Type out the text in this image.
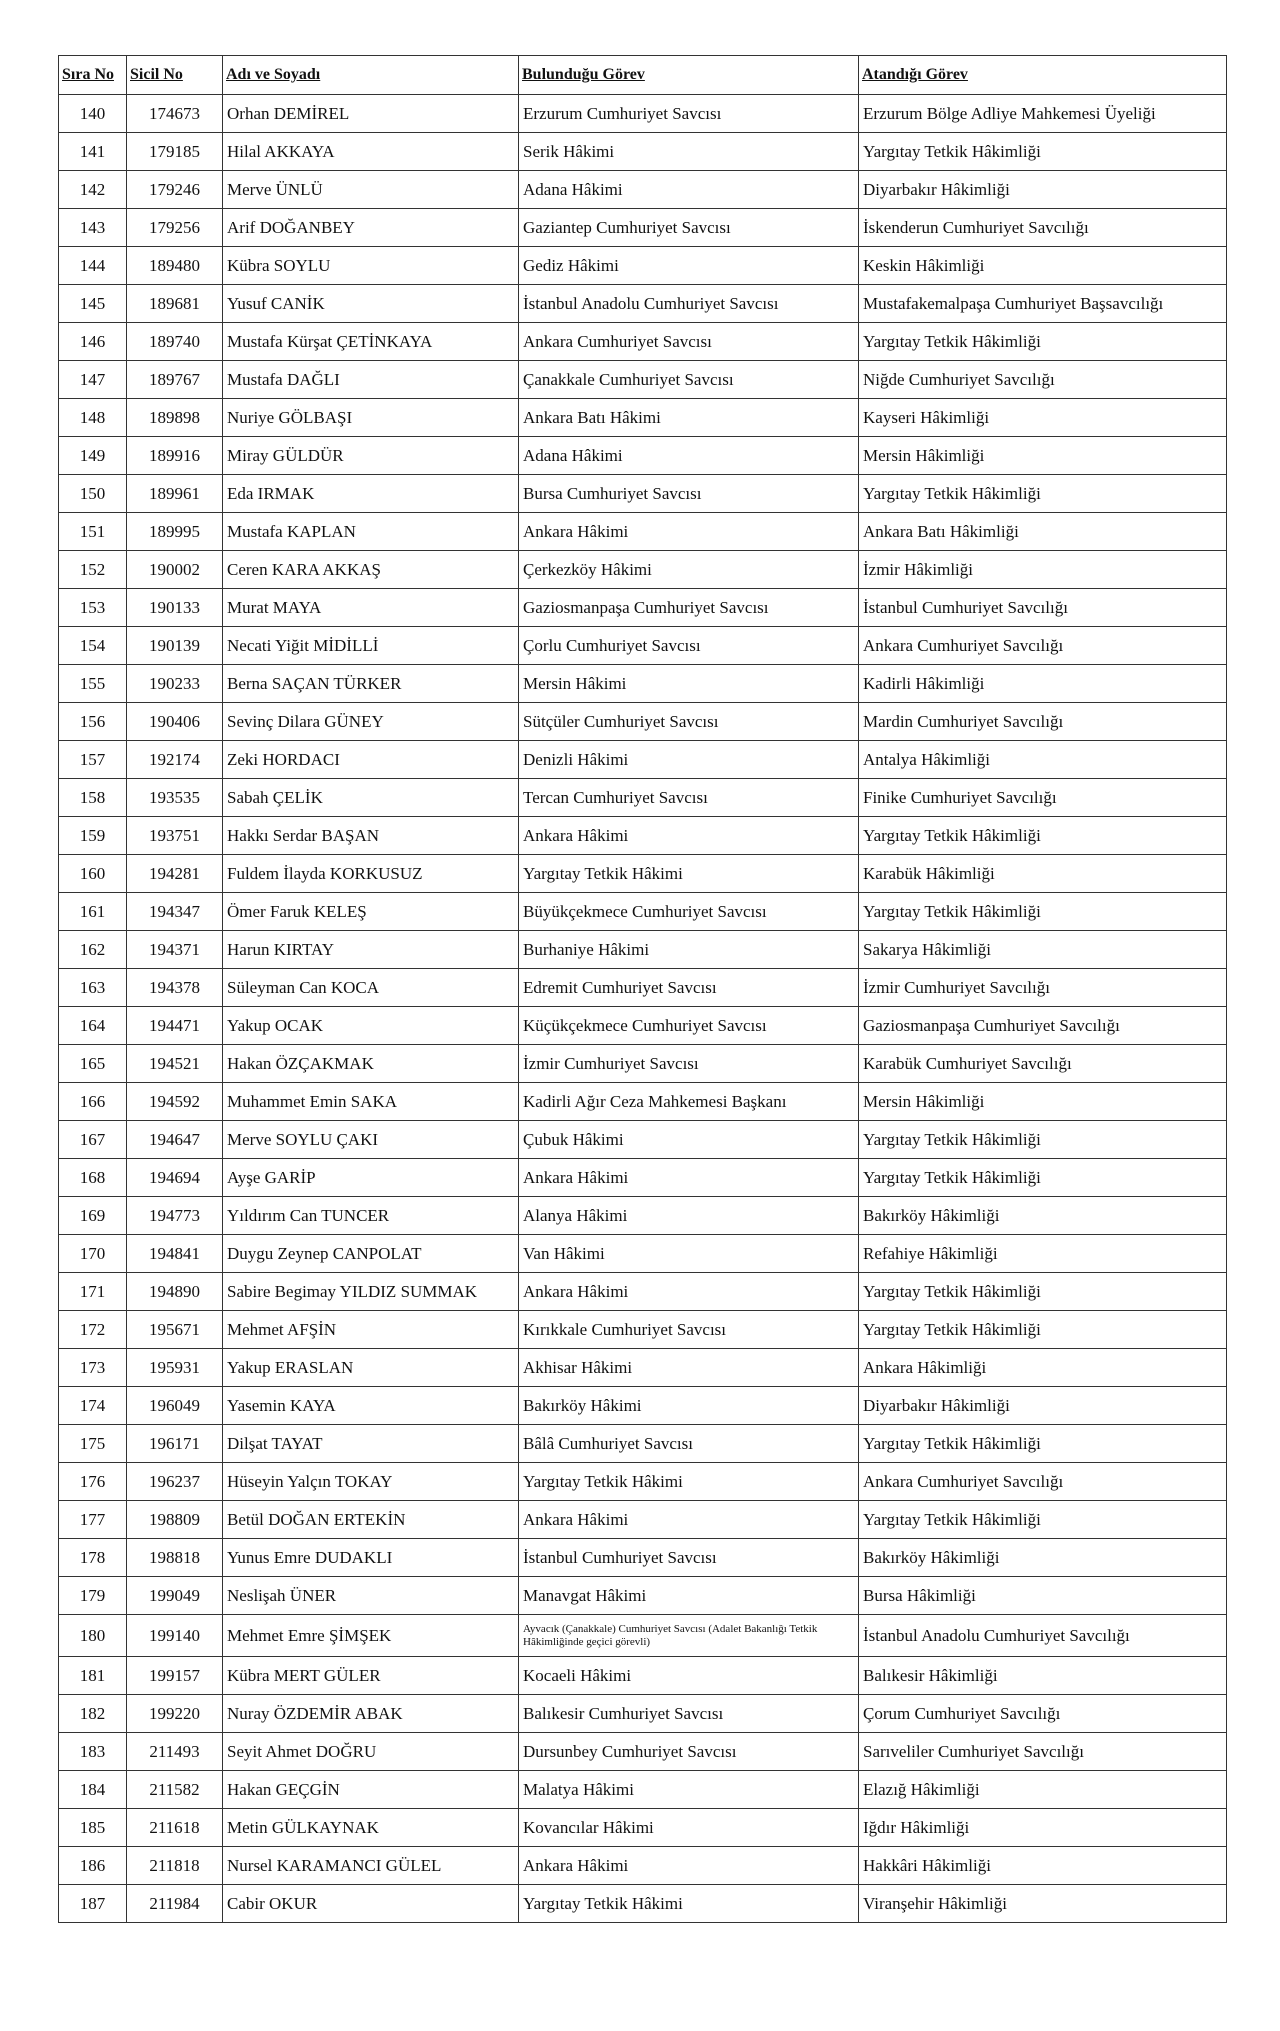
Sıra No	Sicil No	Adı ve Soyadı	Bulunduğu Görev	Atandığı Görev
140	174673	Orhan DEMİREL	Erzurum Cumhuriyet Savcısı	Erzurum Bölge Adliye Mahkemesi Üyeliği
141	179185	Hilal AKKAYA	Serik Hâkimi	Yargıtay Tetkik Hâkimliği
142	179246	Merve ÜNLÜ	Adana Hâkimi	Diyarbakır Hâkimliği
143	179256	Arif DOĞANBEY	Gaziantep Cumhuriyet Savcısı	İskenderun Cumhuriyet Savcılığı
144	189480	Kübra SOYLU	Gediz Hâkimi	Keskin Hâkimliği
145	189681	Yusuf CANİK	İstanbul Anadolu Cumhuriyet Savcısı	Mustafakemalpaşa Cumhuriyet Başsavcılığı
146	189740	Mustafa Kürşat ÇETİNKAYA	Ankara Cumhuriyet Savcısı	Yargıtay Tetkik Hâkimliği
147	189767	Mustafa DAĞLI	Çanakkale Cumhuriyet Savcısı	Niğde Cumhuriyet Savcılığı
148	189898	Nuriye GÖLBAŞI	Ankara Batı Hâkimi	Kayseri Hâkimliği
149	189916	Miray GÜLDÜR	Adana Hâkimi	Mersin Hâkimliği
150	189961	Eda IRMAK	Bursa Cumhuriyet Savcısı	Yargıtay Tetkik Hâkimliği
151	189995	Mustafa KAPLAN	Ankara Hâkimi	Ankara Batı Hâkimliği
152	190002	Ceren KARA AKKAŞ	Çerkezköy Hâkimi	İzmir Hâkimliği
153	190133	Murat MAYA	Gaziosmanpaşa Cumhuriyet Savcısı	İstanbul Cumhuriyet Savcılığı
154	190139	Necati Yiğit MİDİLLİ	Çorlu Cumhuriyet Savcısı	Ankara Cumhuriyet Savcılığı
155	190233	Berna SAÇAN TÜRKER	Mersin Hâkimi	Kadirli Hâkimliği
156	190406	Sevinç Dilara GÜNEY	Sütçüler Cumhuriyet Savcısı	Mardin Cumhuriyet Savcılığı
157	192174	Zeki HORDACI	Denizli Hâkimi	Antalya Hâkimliği
158	193535	Sabah ÇELİK	Tercan Cumhuriyet Savcısı	Finike Cumhuriyet Savcılığı
159	193751	Hakkı Serdar BAŞAN	Ankara Hâkimi	Yargıtay Tetkik Hâkimliği
160	194281	Fuldem İlayda KORKUSUZ	Yargıtay Tetkik Hâkimi	Karabük Hâkimliği
161	194347	Ömer Faruk KELEŞ	Büyükçekmece Cumhuriyet Savcısı	Yargıtay Tetkik Hâkimliği
162	194371	Harun KIRTAY	Burhaniye Hâkimi	Sakarya Hâkimliği
163	194378	Süleyman Can KOCA	Edremit Cumhuriyet Savcısı	İzmir Cumhuriyet Savcılığı
164	194471	Yakup OCAK	Küçükçekmece Cumhuriyet Savcısı	Gaziosmanpaşa Cumhuriyet Savcılığı
165	194521	Hakan ÖZÇAKMAK	İzmir Cumhuriyet Savcısı	Karabük Cumhuriyet Savcılığı
166	194592	Muhammet Emin SAKA	Kadirli Ağır Ceza Mahkemesi Başkanı	Mersin Hâkimliği
167	194647	Merve SOYLU ÇAKI	Çubuk Hâkimi	Yargıtay Tetkik Hâkimliği
168	194694	Ayşe GARİP	Ankara Hâkimi	Yargıtay Tetkik Hâkimliği
169	194773	Yıldırım Can TUNCER	Alanya Hâkimi	Bakırköy Hâkimliği
170	194841	Duygu Zeynep CANPOLAT	Van Hâkimi	Refahiye Hâkimliği
171	194890	Sabire Begimay YILDIZ SUMMAK	Ankara Hâkimi	Yargıtay Tetkik Hâkimliği
172	195671	Mehmet AFŞİN	Kırıkkale Cumhuriyet Savcısı	Yargıtay Tetkik Hâkimliği
173	195931	Yakup ERASLAN	Akhisar Hâkimi	Ankara Hâkimliği
174	196049	Yasemin KAYA	Bakırköy Hâkimi	Diyarbakır Hâkimliği
175	196171	Dilşat TAYAT	Bâlâ Cumhuriyet Savcısı	Yargıtay Tetkik Hâkimliği
176	196237	Hüseyin Yalçın TOKAY	Yargıtay Tetkik Hâkimi	Ankara Cumhuriyet Savcılığı
177	198809	Betül DOĞAN ERTEKİN	Ankara Hâkimi	Yargıtay Tetkik Hâkimliği
178	198818	Yunus Emre DUDAKLI	İstanbul Cumhuriyet Savcısı	Bakırköy Hâkimliği
179	199049	Neslişah ÜNER	Manavgat Hâkimi	Bursa Hâkimliği
180	199140	Mehmet Emre ŞİMŞEK	Ayvacık (Çanakkale) Cumhuriyet Savcısı (Adalet Bakanlığı Tetkik Hâkimliğinde geçici görevli)	İstanbul Anadolu Cumhuriyet Savcılığı
181	199157	Kübra MERT GÜLER	Kocaeli Hâkimi	Balıkesir Hâkimliği
182	199220	Nuray ÖZDEMİR ABAK	Balıkesir Cumhuriyet Savcısı	Çorum Cumhuriyet Savcılığı
183	211493	Seyit Ahmet DOĞRU	Dursunbey Cumhuriyet Savcısı	Sarıveliler Cumhuriyet Savcılığı
184	211582	Hakan GEÇGİN	Malatya Hâkimi	Elazığ Hâkimliği
185	211618	Metin GÜLKAYNAK	Kovancılar Hâkimi	Iğdır Hâkimliği
186	211818	Nursel KARAMANCI GÜLEL	Ankara Hâkimi	Hakkâri Hâkimliği
187	211984	Cabir OKUR	Yargıtay Tetkik Hâkimi	Viranşehir Hâkimliği
